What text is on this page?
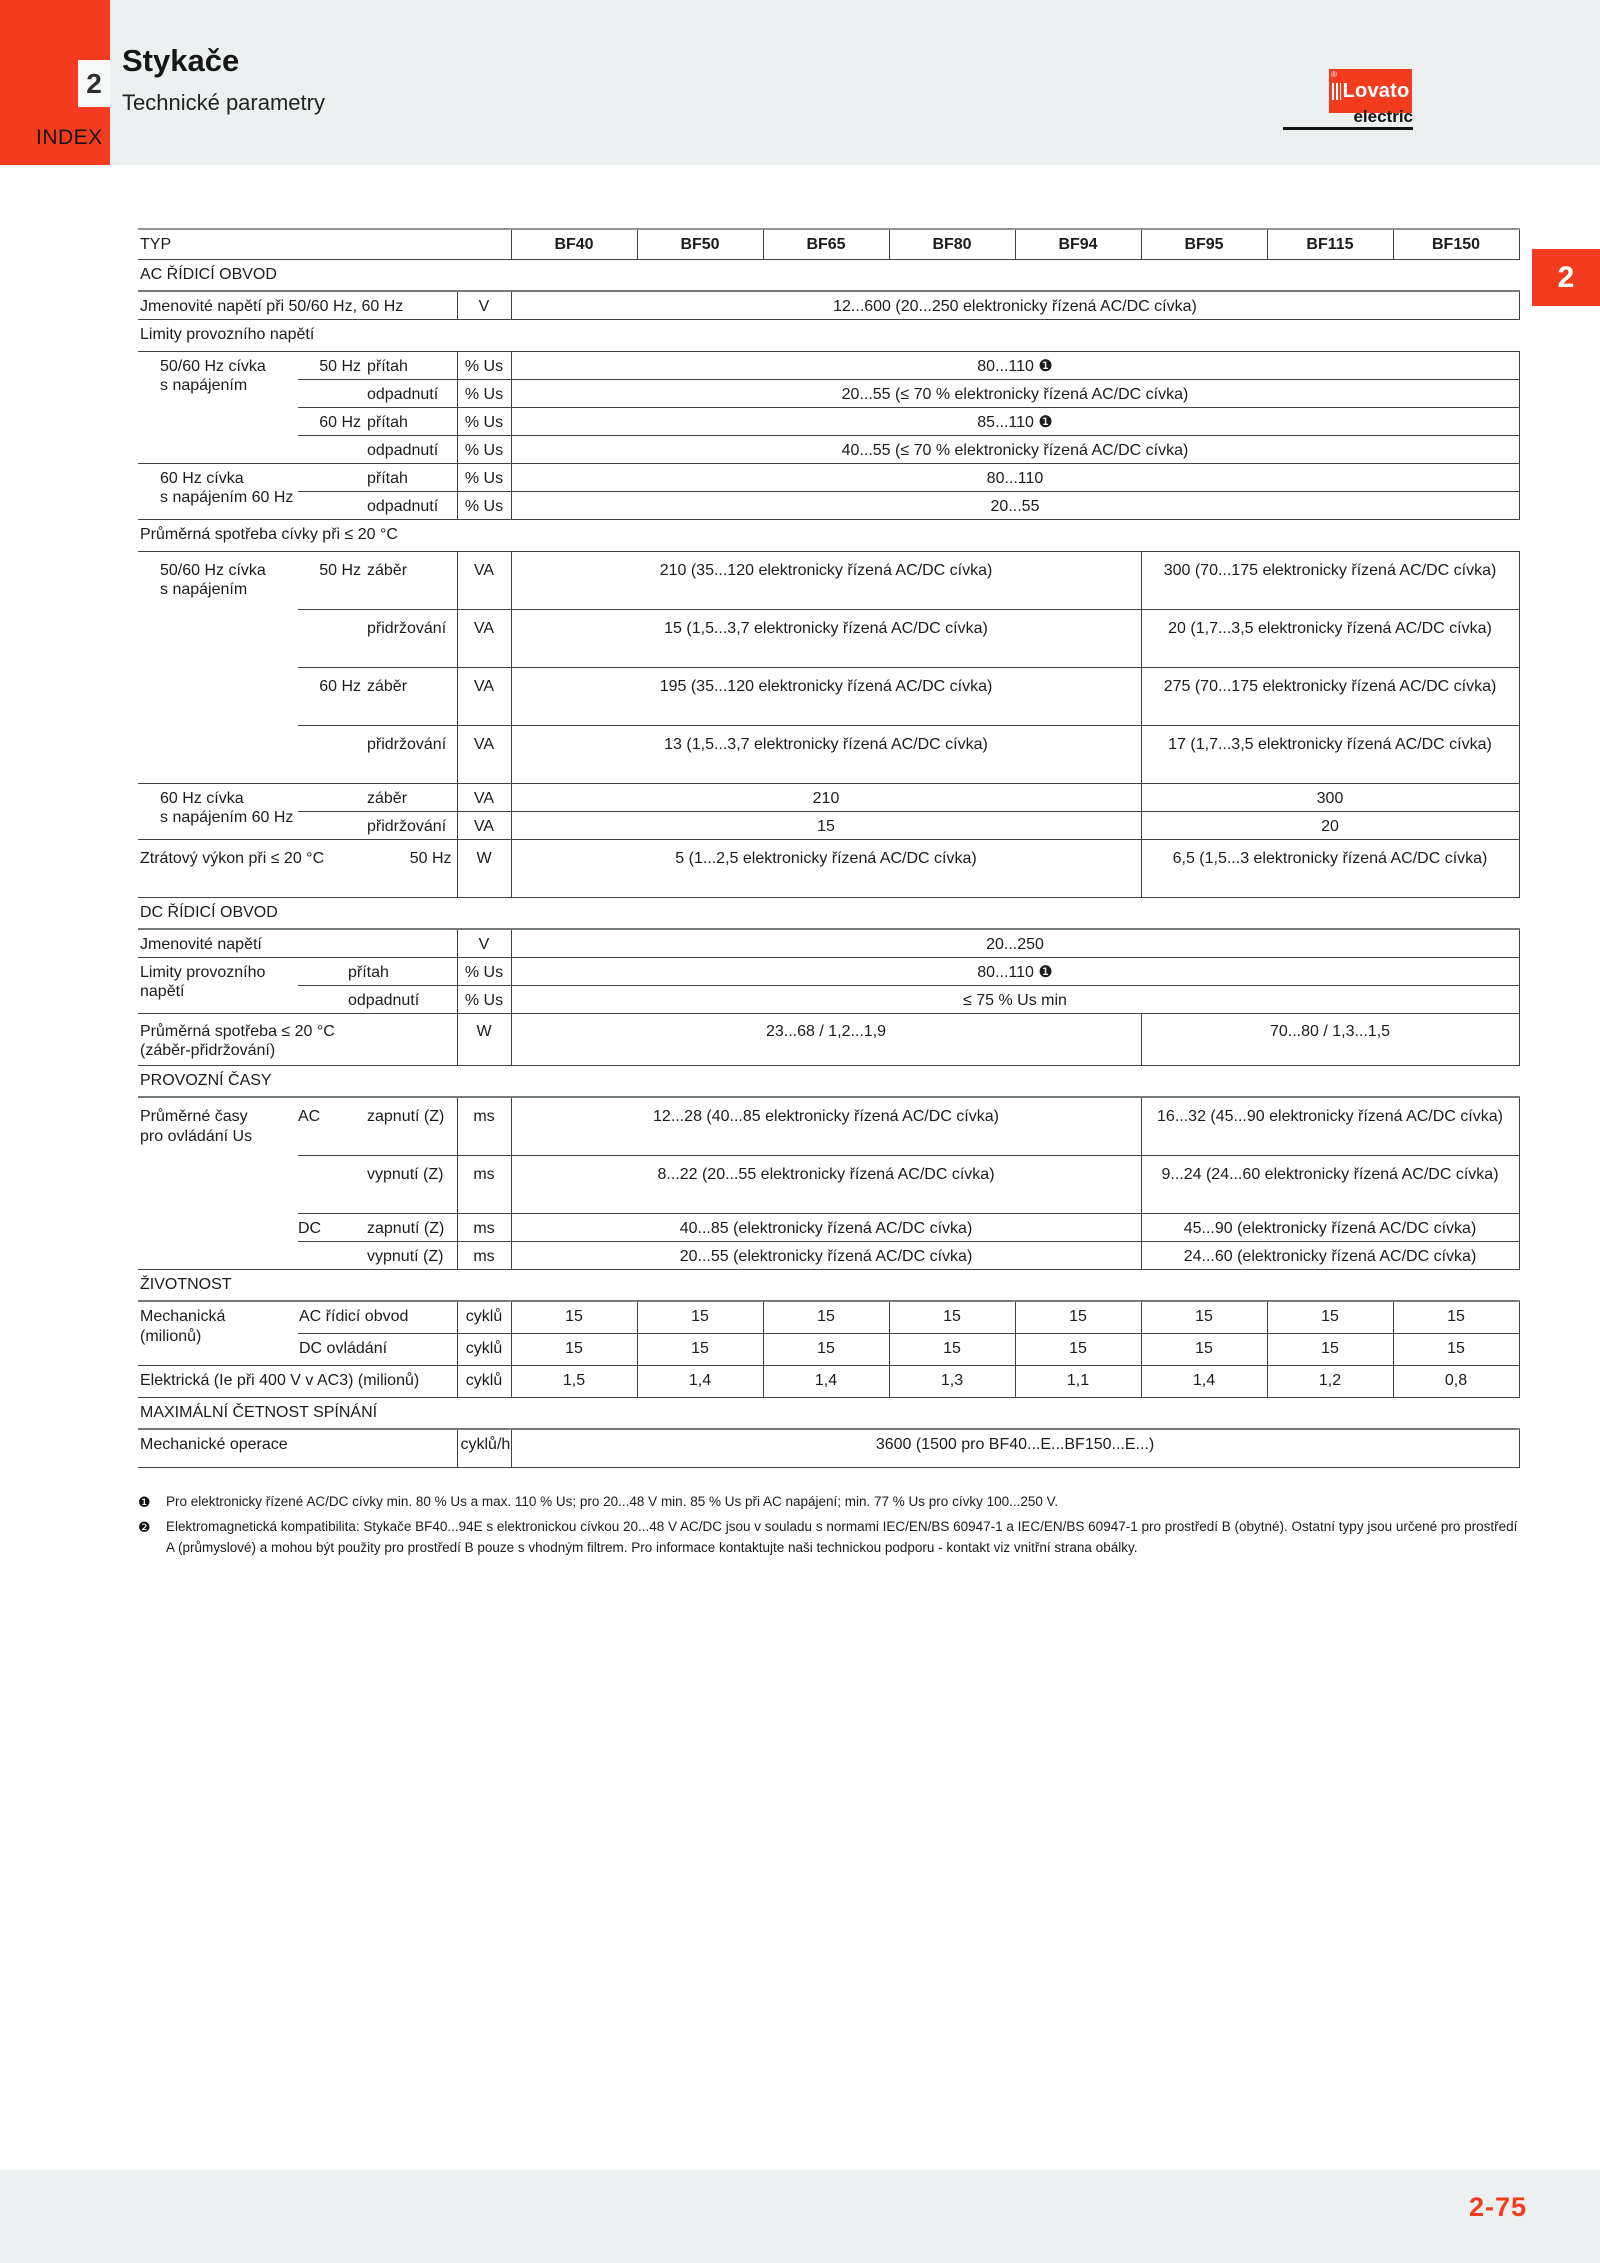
2
INDEX
Stykače
Technické parametry
®
Lovato
electric
2
TYP				BF40	BF50	BF65	BF80	BF94	BF95	BF115	BF150
AC ŘÍDICÍ OBVOD											
Jmenovité napětí při 50/60 Hz, 60 Hz			V	12...600 (20...250 elektronicky řízená AC/DC cívka)							
Limity provozního napětí											
50/60 Hz cívka
s napájením	50 Hz	přítah	% Us	80...110 ❶							
		odpadnutí	% Us	20...55 (≤ 70 % elektronicky řízená AC/DC cívka)							
	60 Hz	přítah	% Us	85...110 ❶							
		odpadnutí	% Us	40...55 (≤ 70 % elektronicky řízená AC/DC cívka)							
60 Hz cívka
s napájením 60 Hz		přítah	% Us	80...110							
		odpadnutí	% Us	20...55							
Průměrná spotřeba cívky při ≤ 20 °C											
50/60 Hz cívka
s napájením	50 Hz	záběr	VA	210 (35...120 elektronicky řízená AC/DC cívka)					300 (70...175 elektronicky řízená AC/DC cívka)		
		přidržování	VA	15 (1,5...3,7 elektronicky řízená AC/DC cívka)					20 (1,7...3,5 elektronicky řízená AC/DC cívka)		
	60 Hz	záběr	VA	195 (35...120 elektronicky řízená AC/DC cívka)					275 (70...175 elektronicky řízená AC/DC cívka)		
		přidržování	VA	13 (1,5...3,7 elektronicky řízená AC/DC cívka)					17 (1,7...3,5 elektronicky řízená AC/DC cívka)		
60 Hz cívka
s napájením 60 Hz		záběr	VA	210					300		
		přidržování	VA	15					20		
Ztrátový výkon při ≤ 20 °C		50 Hz	W	5 (1...2,5 elektronicky řízená AC/DC cívka)					6,5 (1,5...3 elektronicky řízená AC/DC cívka)		
DC ŘÍDICÍ OBVOD											
Jmenovité napětí			V	20...250							
Limity provozního
napětí	přítah		% Us	80...110 ❶							
	odpadnutí		% Us	≤ 75 % Us min							
Průměrná spotřeba ≤ 20 °C
(záběr-přidržování)			W	23...68 / 1,2...1,9					70...80 / 1,3...1,5		
PROVOZNÍ ČASY											
Průměrné časy
pro ovládání Us	AC	zapnutí (Z)	ms	12...28 (40...85 elektronicky řízená AC/DC cívka)					16...32 (45...90 elektronicky řízená AC/DC cívka)		
		vypnutí (Z)	ms	8...22 (20...55 elektronicky řízená AC/DC cívka)					9...24 (24...60 elektronicky řízená AC/DC cívka)		
	DC	zapnutí (Z)	ms	40...85 (elektronicky řízená AC/DC cívka)					45...90 (elektronicky řízená AC/DC cívka)		
		vypnutí (Z)	ms	20...55 (elektronicky řízená AC/DC cívka)					24...60 (elektronicky řízená AC/DC cívka)		
ŽIVOTNOST											
Mechanická
(milionů)	AC řídicí obvod		cyklů	15	15	15	15	15	15	15	15
	DC ovládání		cyklů	15	15	15	15	15	15	15	15
Elektrická (Ie při 400 V v AC3) (milionů)			cyklů	1,5	1,4	1,4	1,3	1,1	1,4	1,2	0,8
MAXIMÁLNÍ ČETNOST SPÍNÁNÍ											
Mechanické operace			cyklů/h	3600 (1500 pro BF40...E...BF150...E...)							
❶	Pro elektronicky řízené AC/DC cívky min. 80 % Us a max. 110 % Us; pro 20...48 V min. 85 % Us při AC napájení; min. 77 % Us pro cívky 100...250 V.
❷	Elektromagnetická kompatibilita: Stykače BF40...94E s elektronickou cívkou 20...48 V AC/DC jsou v souladu s normami IEC/EN/BS 60947-1 a IEC/EN/BS 60947-1 pro prostředí B (obytné). Ostatní typy jsou určené pro prostředí A (průmyslové) a mohou být použity pro prostředí B pouze s vhodným filtrem. Pro informace kontaktujte naši technickou podporu - kontakt viz vnitřní strana obálky.
2-75
